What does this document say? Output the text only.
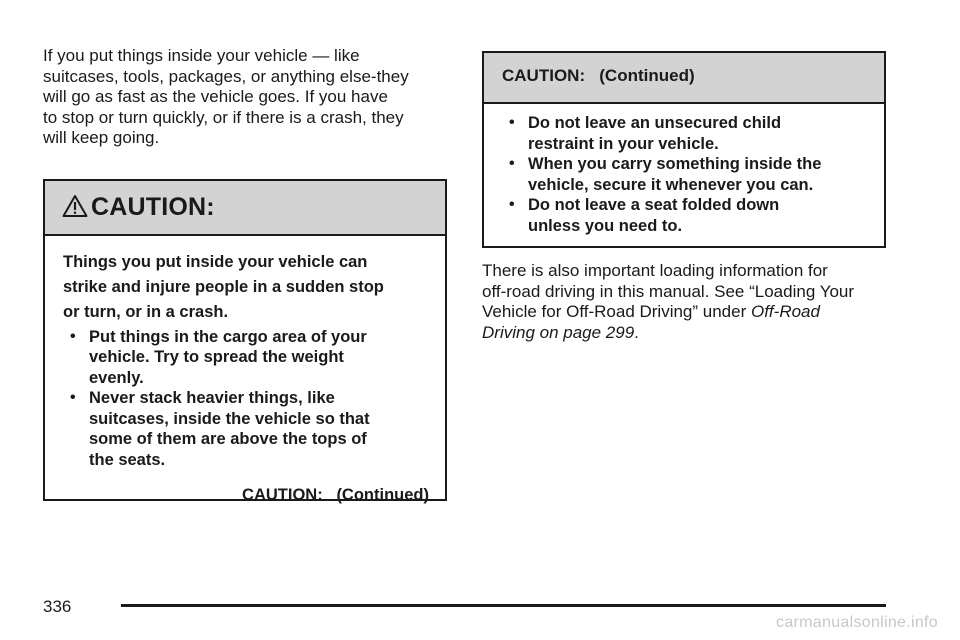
If you put things inside your vehicle — like
suitcases, tools, packages, or anything else-they
will go as fast as the vehicle goes. If you have
to stop or turn quickly, or if there is a crash, they
will keep going.

CAUTION:

Things you put inside your vehicle can
strike and injure people in a sudden stop
or turn, or in a crash.

• Put things in the cargo area of your
vehicle. Try to spread the weight
evenly.
• Never stack heavier things, like
suitcases, inside the vehicle so that
some of them are above the tops of
the seats.
CAUTION:   (Continued)
CAUTION:   (Continued)
• Do not leave an unsecured child
restraint in your vehicle.
• When you carry something inside the
vehicle, secure it whenever you can.
• Do not leave a seat folded down
unless you need to.

There is also important loading information for
off-road driving in this manual. See “Loading Your
Vehicle for Off-Road Driving” under Off-Road
Driving on page 299.

336
carmanualsonline.info
